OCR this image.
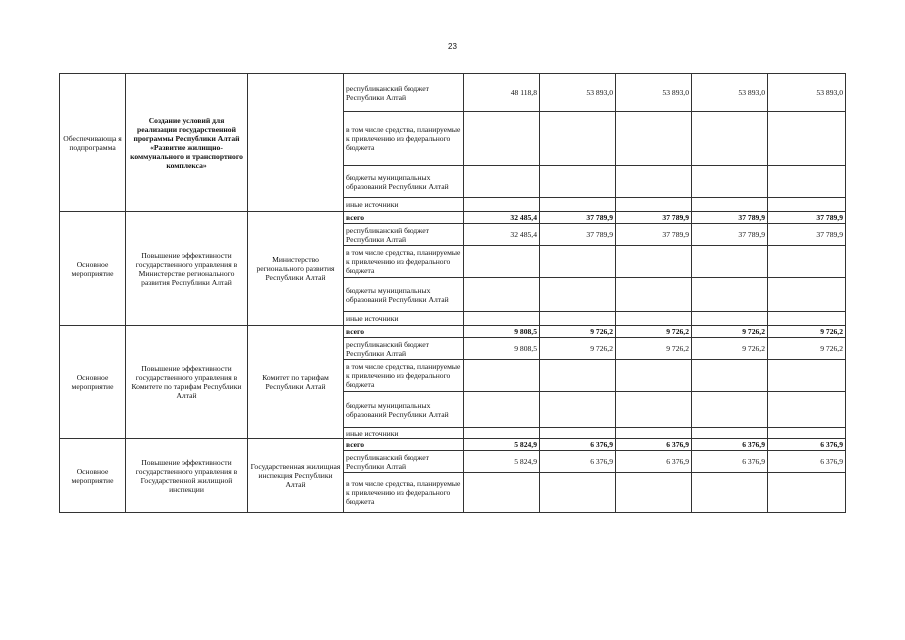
23
Обеспечивающа я подпрограмма	Создание условий для реализации государственной программы Республики Алтай «Развитие жилищно-коммунального и транспортного комплекса»		республиканский бюджет Республики Алтай	48 118,8	53 893,0	53 893,0	53 893,0	53 893,0
			в том числе средства, планируемые к привлечению из федерального бюджета					
			бюджеты муниципальных образований Республики Алтай					
			иные источники					
Основное мероприятие	Повышение эффективности государственного управления в Министерстве регионального развития Республики Алтай	Министерство регионального развития Республики Алтай	всего	32 485,4	37 789,9	37 789,9	37 789,9	37 789,9
			республиканский бюджет Республики Алтай	32 485,4	37 789,9	37 789,9	37 789,9	37 789,9
			в том числе средства, планируемые к привлечению из федерального бюджета					
			бюджеты муниципальных образований Республики Алтай					
			иные источники					
Основное мероприятие	Повышение эффективности государственного управления в Комитете по тарифам Республики Алтай	Комитет по тарифам Республики Алтай	всего	9 808,5	9 726,2	9 726,2	9 726,2	9 726,2
			республиканский бюджет Республики Алтай	9 808,5	9 726,2	9 726,2	9 726,2	9 726,2
			в том числе средства, планируемые к привлечению из федерального бюджета					
			бюджеты муниципальных образований Республики Алтай					
			иные источники					
Основное мероприятие	Повышение эффективности государственного управления в Государственной жилищной инспекции	Государственная жилищная инспекция Республики Алтай	всего	5 824,9	6 376,9	6 376,9	6 376,9	6 376,9
			республиканский бюджет Республики Алтай	5 824,9	6 376,9	6 376,9	6 376,9	6 376,9
			в том числе средства, планируемые к привлечению из федерального бюджета					
